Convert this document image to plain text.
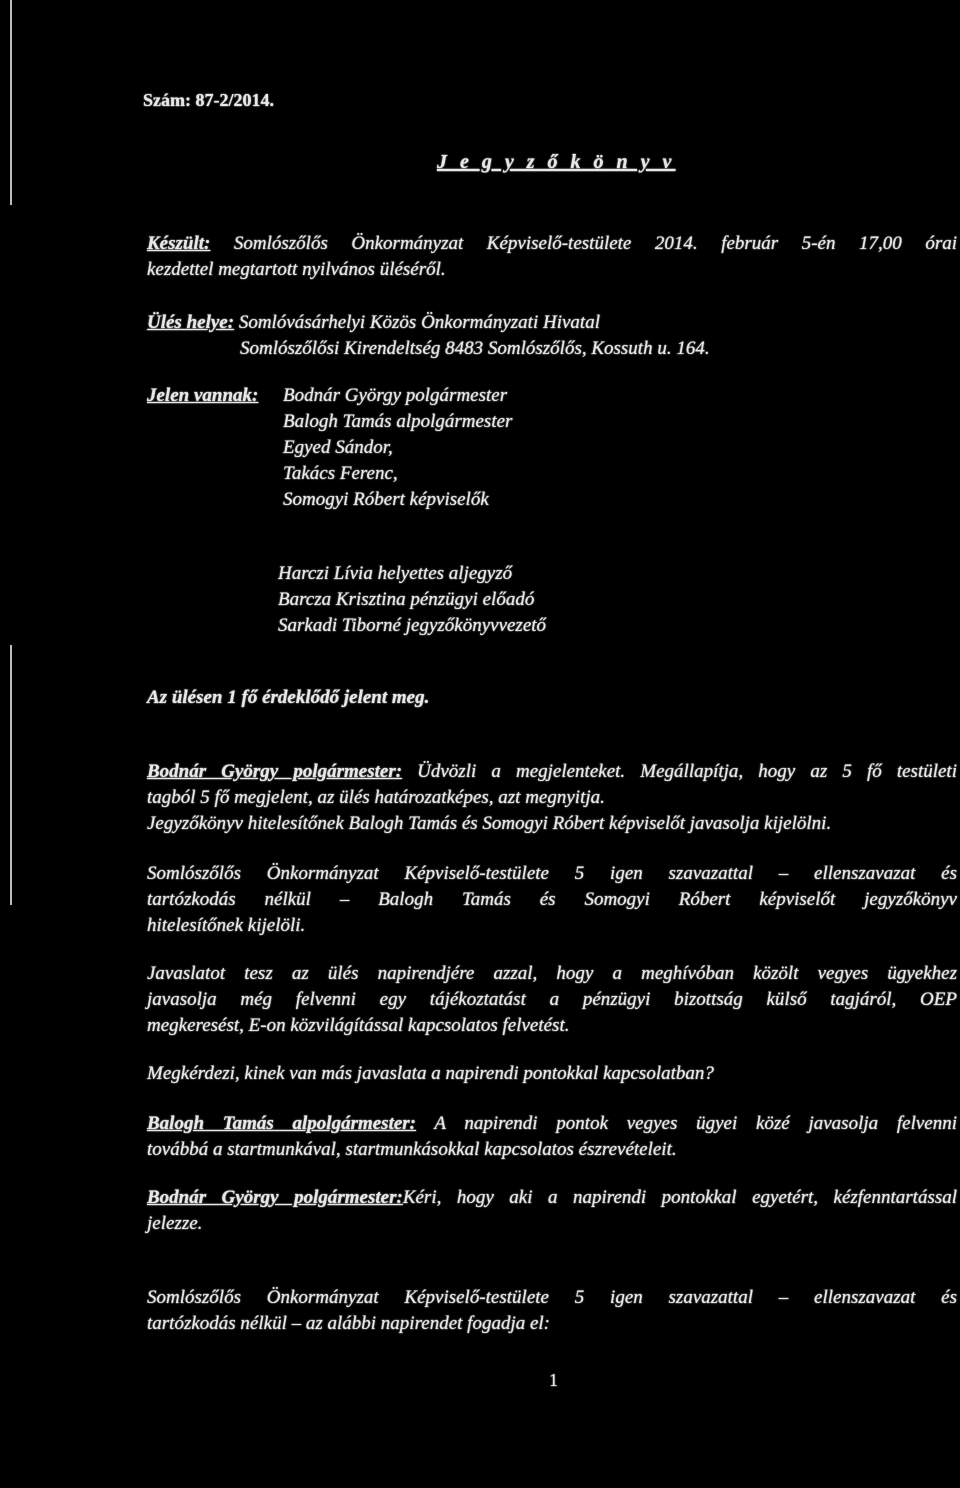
Szám: 87-2/2014.
J e g y z ő k ö n y v
Készült: Somlószőlős Önkormányzat Képviselő-testülete 2014. február 5-én 17,00 órai
kezdettel megtartott nyilvános üléséről.
Ülés helye: Somlóvásárhelyi Közös Önkormányzati Hivatal
Somlószőlősi Kirendeltség 8483 Somlószőlős, Kossuth u. 164.
Jelen vannak: Bodnár György polgármester
Balogh Tamás alpolgármester
Egyed Sándor,
Takács Ferenc,
Somogyi Róbert képviselők
Harczi Lívia helyettes aljegyző
Barcza Krisztina pénzügyi előadó
Sarkadi Tiborné jegyzőkönyvvezető
Az ülésen 1 fő érdeklődő jelent meg.
Bodnár György polgármester: Üdvözli a megjelenteket. Megállapítja, hogy az 5 fő testületi
tagból 5 fő megjelent, az ülés határozatképes, azt megnyitja.
Jegyzőkönyv hitelesítőnek Balogh Tamás és Somogyi Róbert képviselőt javasolja kijelölni.
Somlószőlős Önkormányzat Képviselő-testülete 5 igen szavazattal – ellenszavazat és
tartózkodás nélkül – Balogh Tamás és Somogyi Róbert képviselőt jegyzőkönyv
hitelesítőnek kijelöli.
Javaslatot tesz az ülés napirendjére azzal, hogy a meghívóban közölt vegyes ügyekhez
javasolja még felvenni egy tájékoztatást a pénzügyi bizottság külső tagjáról, OEP
megkeresést, E-on közvilágítással kapcsolatos felvetést.
Megkérdezi, kinek van más javaslata a napirendi pontokkal kapcsolatban?
Balogh Tamás alpolgármester: A napirendi pontok vegyes ügyei közé javasolja felvenni
továbbá a startmunkával, startmunkásokkal kapcsolatos észrevételeit.
Bodnár György polgármester:Kéri, hogy aki a napirendi pontokkal egyetért, kézfenntartással
jelezze.
Somlószőlős Önkormányzat Képviselő-testülete 5 igen szavazattal – ellenszavazat és
tartózkodás nélkül – az alábbi napirendet fogadja el:
1
